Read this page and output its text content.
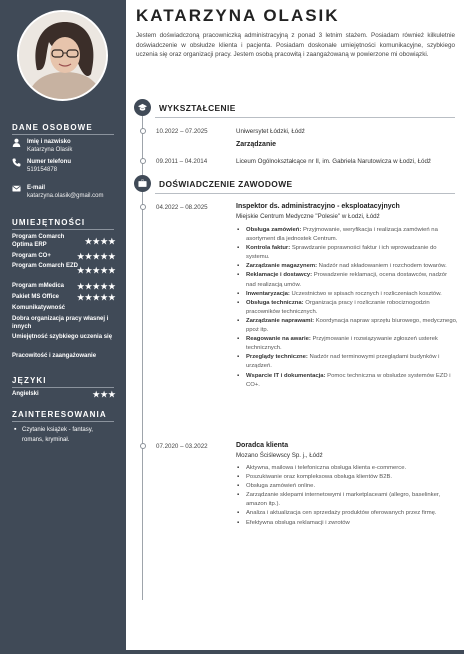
DANE OSOBOWE
Imię i nazwisko
Katarzyna Olasik
Numer telefonu
519154878
E-mail
katarzyna.olasik@gmail.com
UMIEJĘTNOŚCI
Program Comarch Optima ERP	★★★★
Program CO+	★★★★★
Program Comarch EZD ★★★★★
Program mMedica	★★★★★
Pakiet MS Office	★★★★★
Komunikatywność
Dobra organizacja pracy własnej i innych
Umiejętność szybkiego uczenia się
Pracowitość i zaangażowanie
JĘZYKI
Angielski	★★★
ZAINTERESOWANIA
▪ Czytanie książek - fantasy, romans, kryminał.
KATARZYNA OLASIK
Jestem doświadczoną pracowniczką administracyjną z ponad 3 letnim stażem. Posiadam również kilkuletnie doświadczenie w obsłudze klienta i pacjenta. Posiadam doskonałe umiejętności komunikacyjne, szybkiego uczenia się oraz organizacji pracy. Jestem osobą pracowitą i zaangażowaną w powierzone mi obowiązki.
WYKSZTAŁCENIE
10.2022 – 07.2025	Uniwersytet Łódzki, Łódź
Zarządzanie
09.2011 – 04.2014	Liceum Ogólnokształcące nr II, im. Gabriela Narutowicza w Łodzi, Łódź
DOŚWIADCZENIE ZAWODOWE
04.2022 – 08.2025	Inspektor ds. administracyjno - eksploatacyjnych
Miejskie Centrum Medyczne "Polesie" w Łodzi, Łódź
▪ Obsługa zamówień: Przyjmowanie, weryfikacja i realizacja zamówień na asortyment dla jednostek Centrum.
▪ Kontrola faktur: Sprawdzanie poprawności faktur i ich wprowadzanie do systemu.
▪ Zarządzanie magazynem: Nadzór nad składowaniem i rozchodem towarów.
▪ Reklamacje i dostawcy: Prowadzenie reklamacji, ocena dostawców, nadzór nad realizacją umów.
▪ Inwentaryzacja: Uczestnictwo w spisach rocznych i rozliczeniach kosztów.
▪ Obsługa techniczna: Organizacja pracy i rozliczanie robociznogodzin pracowników technicznych.
▪ Zarządzanie naprawami: Koordynacja napraw sprzętu biurowego, medycznego, ppoż itp.
▪ Reagowanie na awarie: Przyjmowanie i rozwiązywanie zgłoszeń usterek technicznych.
▪ Przeglądy techniczne: Nadzór nad terminowymi przeglądami budynków i urządzeń.
▪ Wsparcie IT i dokumentacja: Pomoc techniczna w obsłudze systemów EZD i CO+.
07.2020 – 03.2022	Doradca klienta
Mozano Ściślewscy Sp. j., Łódź
▪ Aktywna, mailowa i telefoniczna obsługa klienta e-commerce.
▪ Poszukiwanie oraz kompleksowa obsługa klientów B2B.
▪ Obsługa zamówień online.
▪ Zarządzanie sklepami internetowymi i marketplaceami (allegro, baselinker, amazon itp.).
▪ Analiza i aktualizacja cen sprzedaży produktów oferowanych przez firmę.
▪ Efektywna obsługa reklamacji i zwrotów
